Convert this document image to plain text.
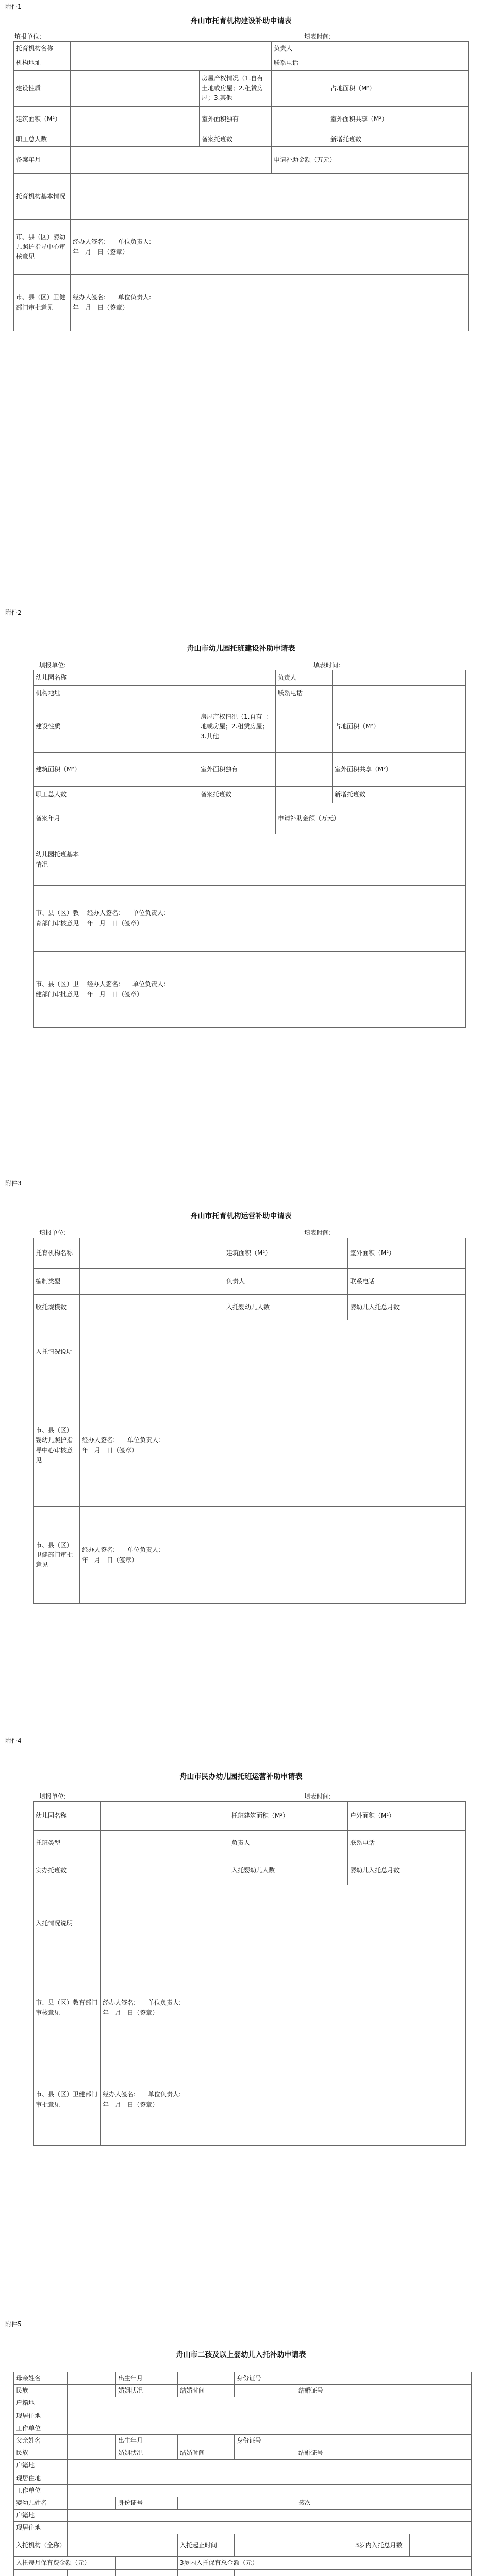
附件1
舟山市托育机构建设补助申请表
填报单位:	填表时间:
托育机构名称			负责人	
机构地址			联系电话	
建设性质		房屋产权情况（1.自有土地或房屋；2.租赁房屋；3.其他		占地面积（M²）
建筑面积（M²）		室外面积独有		室外面积共享（M²）
职工总人数		备案托班数		新增托班数
备案年月			申请补助金额（万元）	
托育机构基本情况				
市、县（区）婴幼儿照护指导中心审核意见	经办人签名: 单位负责人:
年　月　日（签章）			

市、县（区）卫健部门审批意见	经办人签名: 单位负责人:
年　月　日（签章）			
附件2
舟山市幼儿园托班建设补助申请表
填报单位:	填表时间:
幼儿园名称			负责人	
机构地址			联系电话	
建设性质		房屋产权情况（1.自有土地或房屋；2.租赁房屋；3.其他		占地面积（M²）
建筑面积（M²）		室外面积独有		室外面积共享（M²）
职工总人数		备案托班数		新增托班数
备案年月			申请补助金额（万元）	
幼儿园托班基本情况				
市、县（区）教育部门审核意见	经办人签名: 单位负责人:
年　月　日（签章）			

市、县（区）卫健部门审批意见	经办人签名: 单位负责人:
年　月　日（签章）			
附件3
舟山市托育机构运营补助申请表
填报单位:	填表时间:
托育机构名称		建筑面积（M²）		室外面积（M²）
编制类型		负责人		联系电话
收托规模数		入托婴幼儿人数		婴幼儿入托总月数
入托情况说明				
市、县（区）婴幼儿照护指导中心审核意见	经办人签名: 单位负责人:
年　月　日（签章）			

市、县（区）卫健部门审批意见	经办人签名: 单位负责人:
年　月　日（签章）			
附件4
舟山市民办幼儿园托班运营补助申请表
填报单位:	填表时间:
幼儿园名称		托班建筑面积（M²）		户外面积（M²）
托班类型		负责人		联系电话
实办托班数		入托婴幼儿人数		婴幼儿入托总月数
入托情况说明				
市、县（区）教育部门审核意见	经办人签名: 单位负责人:
年　月　日（签章）			

市、县（区）卫健部门审批意见	经办人签名: 单位负责人:
年　月　日（签章）			
附件5
舟山市二孩及以上婴幼儿入托补助申请表
母亲姓名		出生年月		身份证号			
民族		婚姻状况	结婚时间		结婚证号		
户籍地							
现居住地							
工作单位							
父亲姓名		出生年月		身份证号			
民族		婚姻状况	结婚时间		结婚证号		
户籍地							
现居住地							
工作单位							
婴幼儿姓名		身份证号			孩次		
户籍地							
现居住地							
入托机构（全称）			入托起止时间			3岁内入托总月数	
入托每月保育费金额（元）			3岁内入托保育总金额（元）				
